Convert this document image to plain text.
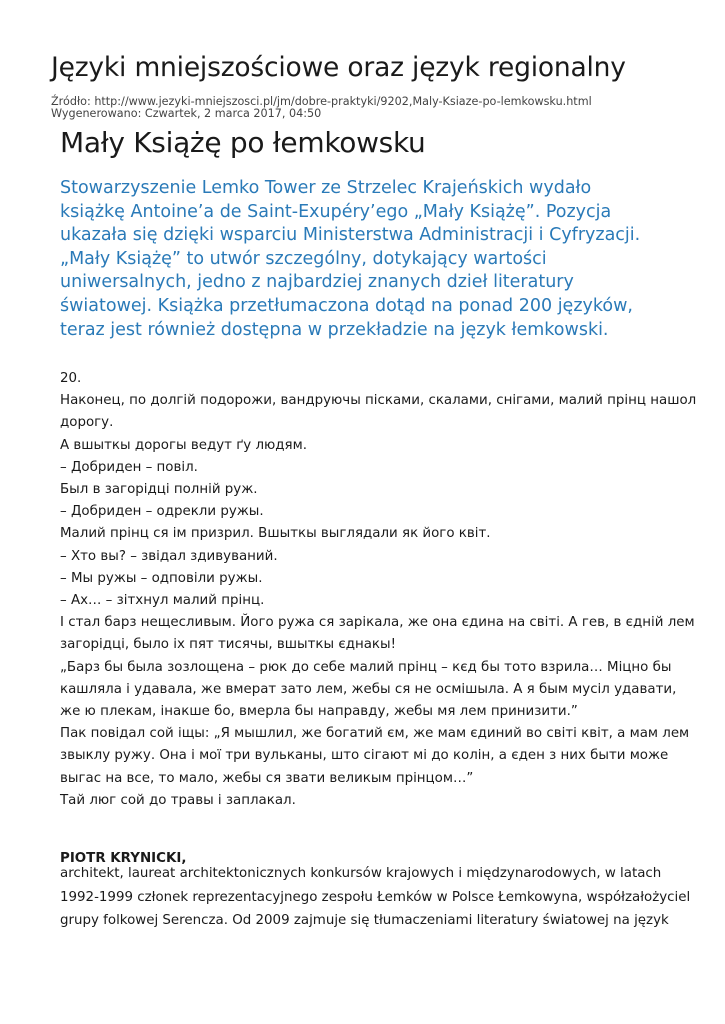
Języki mniejszościowe oraz język regionalny
Źródło: http://www.jezyki-mniejszosci.pl/jm/dobre-praktyki/9202,Maly-Ksiaze-po-lemkowsku.html
Wygenerowano: Czwartek, 2 marca 2017, 04:50
Mały Książę po łemkowsku
Stowarzyszenie Lemko Tower ze Strzelec Krajeńskich wydało
książkę Antoine’a de Saint-Exupéry’ego „Mały Książę”. Pozycja
ukazała się dzięki wsparciu Ministerstwa Administracji i Cyfryzacji.
„Mały Książę” to utwór szczególny, dotykający wartości
uniwersalnych, jedno z najbardziej znanych dzieł literatury
światowej. Książka przetłumaczona dotąd na ponad 200 języków,
teraz jest również dostępna w przekładzie na język łemkowski.
20.
Наконец, по долгій подорожи, вандруючы пісками, скалами, снігами, малий прінц нашол
дорогу.
А вшыткы дорогы ведут ґу людям.
– Добриден – повіл.
Был в загорідці полній руж.
– Добриден – одрекли ружы.
Малий прінц ся ім призрил. Вшыткы выглядали як його квіт.
– Хто вы? – звідал здивуваний.
– Мы ружы – одповіли ружы.
– Ах… – зітхнул малий прінц.
І стал барз нещесливым. Його ружа ся зарікала, же она єдина на світі. А гев, в єдній лем
загорідці, было іх пят тисячы, вшыткы єднакы!
„Барз бы была зозлощена – рюк до себе малий прінц – кєд бы тото взрила… Міцно бы
кашляла і удавала, же вмерат зато лем, жебы ся не осмішыла. А я бым мусіл удавати,
же ю плекам, інакше бо, вмерла бы направду, жебы мя лем принизити.”
Пак повідал сой іщы: „Я мышлил, же богатий єм, же мам єдиний во світі квіт, а мам лем
звыклу ружу. Она і мої три вульканы, што сігают мі до колін, а єден з них быти може
выгас на все, то мало, жебы ся звати великым прінцом…”
Тай люг сой до травы і заплакал.
PIOTR KRYNICKI,
architekt, laureat architektonicznych konkursów krajowych i międzynarodowych, w latach
1992-1999 członek reprezentacyjnego zespołu Łemków w Polsce Łemkowyna, współzałożyciel
grupy folkowej Serencza. Od 2009 zajmuje się tłumaczeniami literatury światowej na język
